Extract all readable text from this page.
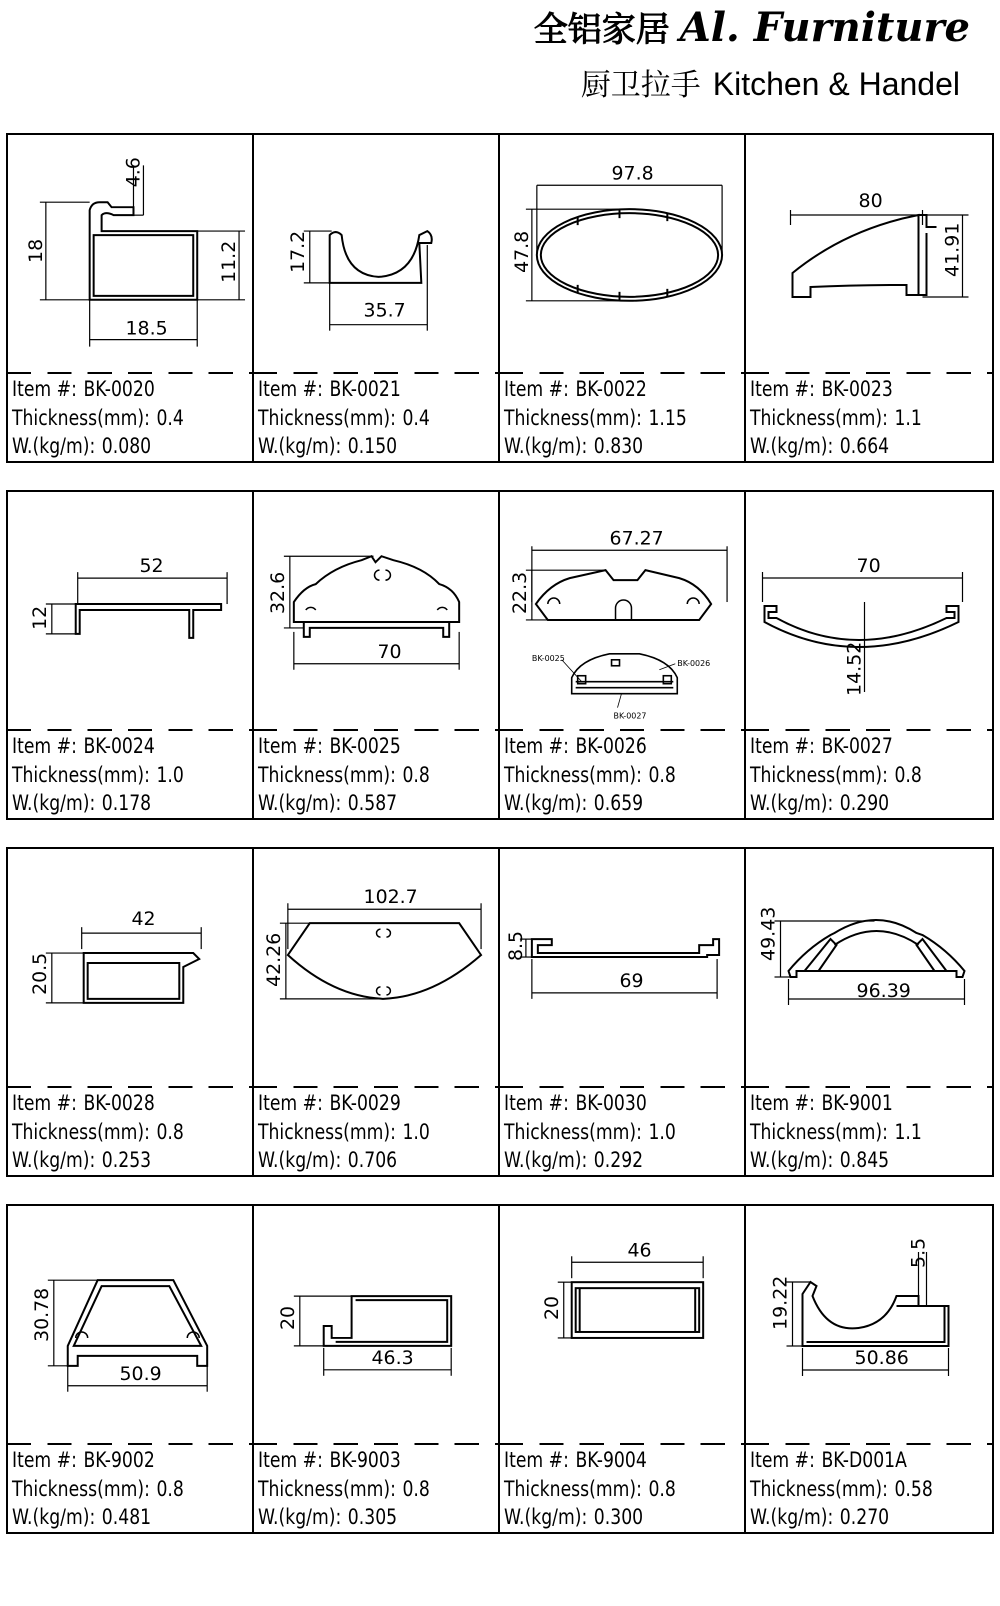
全铝家居 Al. Furniture
厨卫拉手 Kitchen & Handel
4.6
18	11.2
18.5
Item #: BK-0020
Thickness(mm): 0.4
W.(kg/m): 0.080
17.2
35.7
Item #: BK-0021
Thickness(mm): 0.4
W.(kg/m): 0.150
97.8
47.8
Item #: BK-0022
Thickness(mm): 1.15
W.(kg/m): 0.830
80
41.91
Item #: BK-0023
Thickness(mm): 1.1
W.(kg/m): 0.664
52
12
Item #: BK-0024
Thickness(mm): 1.0
W.(kg/m): 0.178
32.6
70
Item #: BK-0025
Thickness(mm): 0.8
W.(kg/m): 0.587
67.27
22.3
BK-0025
BK-0026
BK-0027
Item #: BK-0026
Thickness(mm): 0.8
W.(kg/m): 0.659
70
14.52
Item #: BK-0027
Thickness(mm): 0.8
W.(kg/m): 0.290
42
20.5
Item #: BK-0028
Thickness(mm): 0.8
W.(kg/m): 0.253
102.7
42.26
Item #: BK-0029
Thickness(mm): 1.0
W.(kg/m): 0.706
8.5
69
Item #: BK-0030
Thickness(mm): 1.0
W.(kg/m): 0.292
49.43
96.39
Item #: BK-9001
Thickness(mm): 1.1
W.(kg/m): 0.845
30.78
50.9
Item #: BK-9002
Thickness(mm): 0.8
W.(kg/m): 0.481
20
46.3
Item #: BK-9003
Thickness(mm): 0.8
W.(kg/m): 0.305
46
20
Item #: BK-9004
Thickness(mm): 0.8
W.(kg/m): 0.300
5.5
19.22
50.86
Item #: BK-D001A
Thickness(mm): 0.58
W.(kg/m): 0.270
